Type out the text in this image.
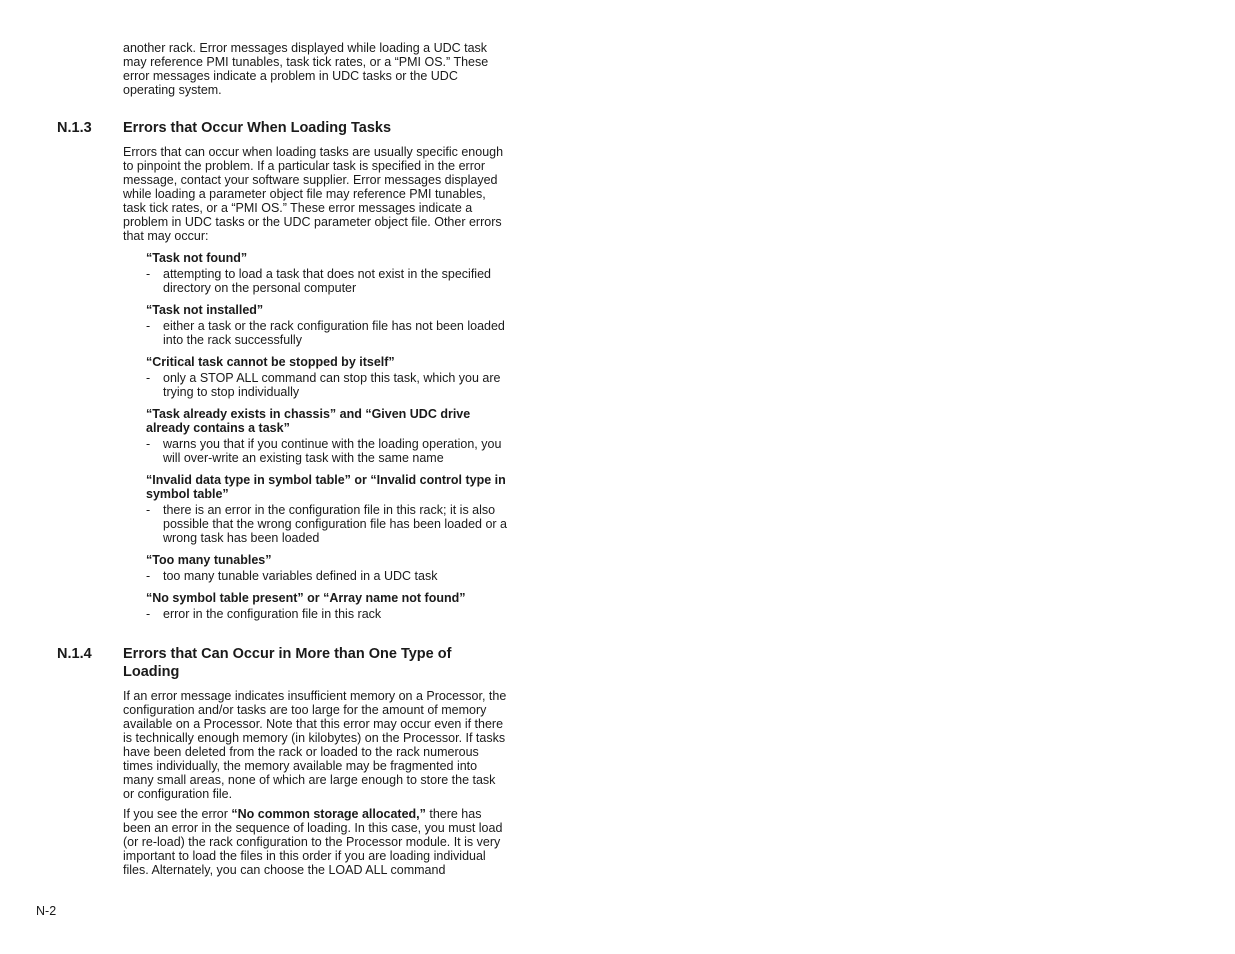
another rack. Error messages displayed while loading a UDC task may reference PMI tunables, task tick rates, or a “PMI OS.” These error messages indicate a problem in UDC tasks or the UDC operating system.

N.1.3 Errors that Occur When Loading Tasks

Errors that can occur when loading tasks are usually specific enough to pinpoint the problem. If a particular task is specified in the error message, contact your software supplier. Error messages displayed while loading a parameter object file may reference PMI tunables, task tick rates, or a “PMI OS.” These error messages indicate a problem in UDC tasks or the UDC parameter object file. Other errors that may occur:

“Task not found”
- attempting to load a task that does not exist in the specified directory on the personal computer
“Task not installed”
- either a task or the rack configuration file has not been loaded into the rack successfully
“Critical task cannot be stopped by itself”
- only a STOP ALL command can stop this task, which you are trying to stop individually
“Task already exists in chassis” and “Given UDC drive already contains a task”
- warns you that if you continue with the loading operation, you will over-write an existing task with the same name
“Invalid data type in symbol table” or “Invalid control type in symbol table”
- there is an error in the configuration file in this rack; it is also possible that the wrong configuration file has been loaded or a wrong task has been loaded
“Too many tunables”
- too many tunable variables defined in a UDC task
“No symbol table present” or “Array name not found”
- error in the configuration file in this rack
N.1.4 Errors that Can Occur in More than One Type of Loading

If an error message indicates insufficient memory on a Processor, the configuration and/or tasks are too large for the amount of memory available on a Processor. Note that this error may occur even if there is technically enough memory (in kilobytes) on the Processor. If tasks have been deleted from the rack or loaded to the rack numerous times individually, the memory available may be fragmented into many small areas, none of which are large enough to store the task or configuration file.

If you see the error “No common storage allocated,” there has been an error in the sequence of loading. In this case, you must load (or re-load) the rack configuration to the Processor module. It is very important to load the files in this order if you are loading individual files. Alternately, you can choose the LOAD ALL command

N-2
